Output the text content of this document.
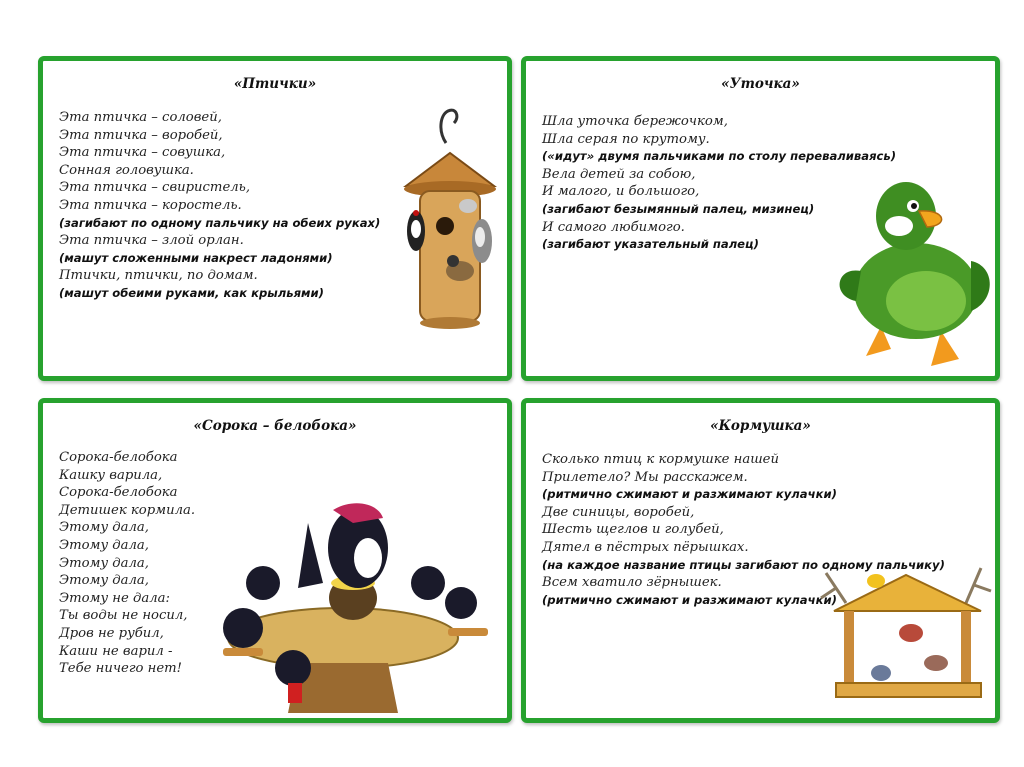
«Птички»
Эта птичка – соловей,
Эта птичка – воробей,
Эта птичка – совушка,
Сонная головушка.
Эта птичка – свиристель,
Эта птичка – коростель.
(загибают по одному пальчику на обеих руках)
Эта птичка – злой орлан.
(машут сложенными накрест ладонями)
Птички, птички, по домам.
(машут обеими руками, как крыльями)
«Уточка»
Шла уточка бережочком,
Шла серая по крутому.
(«идут» двумя пальчиками по столу переваливаясь)
Вела детей за собою,
И малого, и большого,
(загибают безымянный палец, мизинец)
И самого любимого.
(загибают указательный палец)
«Сорока – белобока»
Сорока-белобока
Кашку варила,
Сорока-белобока
Детишек кормила.
Этому дала,
Этому дала,
Этому дала,
Этому дала,
Этому не дала:
Ты воды не носил,
Дров не рубил,
Каши не варил -
Тебе ничего нет!
«Кормушка»
Сколько птиц к кормушке нашей
Прилетело? Мы расскажем.
(ритмично сжимают и разжимают кулачки)
Две синицы, воробей,
Шесть щеглов и голубей,
Дятел в пёстрых пёрышках.
(на каждое название птицы загибают по одному пальчику)
Всем хватило зёрнышек.
(ритмично сжимают и разжимают кулачки)
